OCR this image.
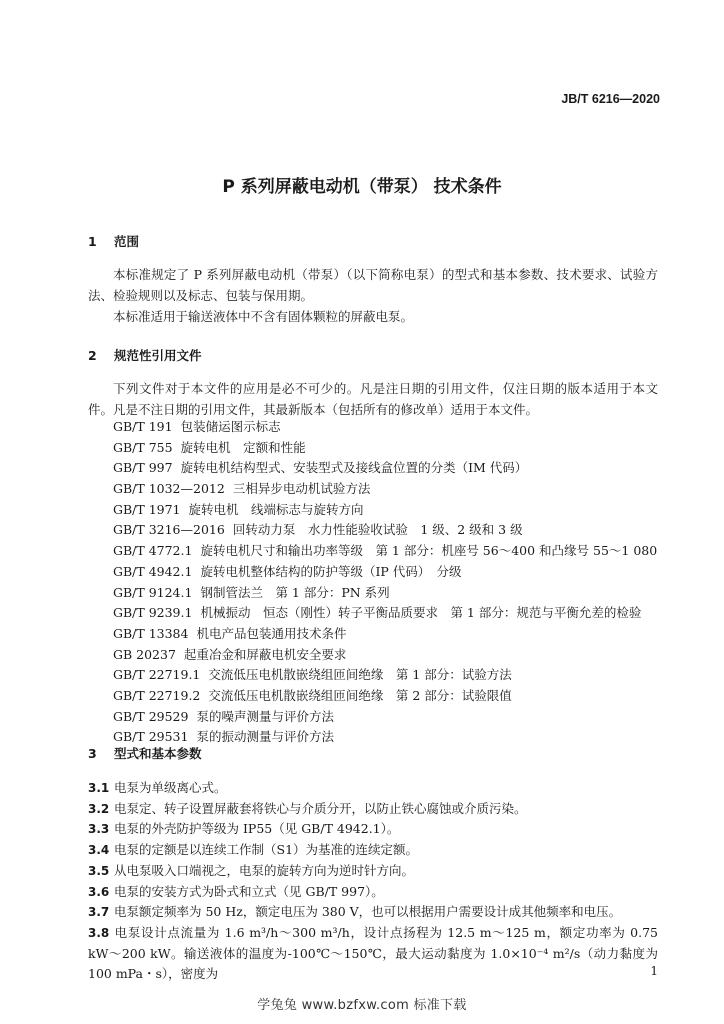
JB/T 6216—2020
P 系列屏蔽电动机（带泵） 技术条件
1 范围
本标准规定了 P 系列屏蔽电动机（带泵）（以下简称电泵）的型式和基本参数、技术要求、试验方法、检验规则以及标志、包装与保用期。
本标准适用于输送液体中不含有固体颗粒的屏蔽电泵。
2 规范性引用文件
下列文件对于本文件的应用是必不可少的。凡是注日期的引用文件，仅注日期的版本适用于本文件。凡是不注日期的引用文件，其最新版本（包括所有的修改单）适用于本文件。
GB/T 191 包装储运图示标志
GB/T 755 旋转电机　定额和性能
GB/T 997 旋转电机结构型式、安装型式及接线盒位置的分类（IM 代码）
GB/T 1032—2012 三相异步电动机试验方法
GB/T 1971 旋转电机　线端标志与旋转方向
GB/T 3216—2016 回转动力泵　水力性能验收试验　1 级、2 级和 3 级
GB/T 4772.1 旋转电机尺寸和输出功率等级　第 1 部分：机座号 56～400 和凸缘号 55～1 080
GB/T 4942.1 旋转电机整体结构的防护等级（IP 代码）　分级
GB/T 9124.1 钢制管法兰　第 1 部分：PN 系列
GB/T 9239.1 机械振动　恒态（刚性）转子平衡品质要求　第 1 部分：规范与平衡允差的检验
GB/T 13384 机电产品包装通用技术条件
GB 20237 起重冶金和屏蔽电机安全要求
GB/T 22719.1 交流低压电机散嵌绕组匝间绝缘　第 1 部分：试验方法
GB/T 22719.2 交流低压电机散嵌绕组匝间绝缘　第 2 部分：试验限值
GB/T 29529 泵的噪声测量与评价方法
GB/T 29531 泵的振动测量与评价方法
3 型式和基本参数
3.1 电泵为单级离心式。
3.2 电泵定、转子设置屏蔽套将铁心与介质分开，以防止铁心腐蚀或介质污染。
3.3 电泵的外壳防护等级为 IP55（见 GB/T 4942.1）。
3.4 电泵的定额是以连续工作制（S1）为基准的连续定额。
3.5 从电泵吸入口端视之，电泵的旋转方向为逆时针方向。
3.6 电泵的安装方式为卧式和立式（见 GB/T 997）。
3.7 电泵额定频率为 50 Hz，额定电压为 380 V，也可以根据用户需要设计成其他频率和电压。
3.8 电泵设计点流量为 1.6 m³/h～300 m³/h，设计点扬程为 12.5 m～125 m，额定功率为 0.75 kW～200 kW。输送液体的温度为-100℃～150℃，最大运动黏度为 1.0×10⁻⁴ m²/s（动力黏度为 100 mPa・s），密度为	1
学兔兔 www.bzfxw.com 标准下载
